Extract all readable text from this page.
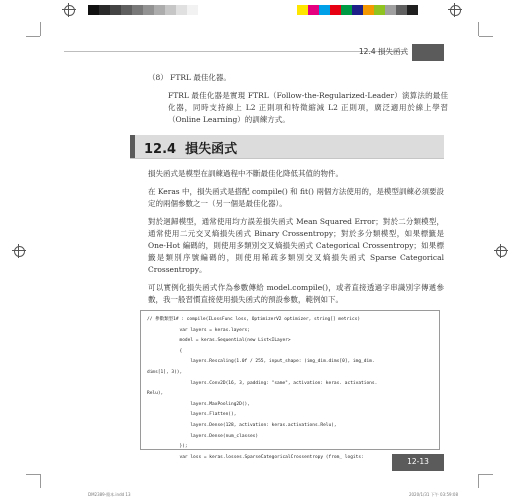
12.4 損失函式
（8） FTRL 最佳化器。
FTRL 最佳化器是實現 FTRL（Follow-the-Regularized-Leader）演算法的最佳化器，同時支持線上 L2 正則項和特徵縮減 L2 正則項，廣泛適用於線上學習（Online Learning）的訓練方式。
12.4 損失函式
損失函式是模型在訓練過程中不斷最佳化降低其值的物件。
在 Keras 中，損失函式是搭配 compile() 和 fit() 兩個方法使用的，是模型訓練必須要設定的兩個參數之一（另一個是最佳化器）。
對於迴歸模型，通常使用均方誤差損失函式 Mean Squared Error；對於二分類模型，通常使用二元交叉熵損失函式 Binary Crossentropy；對於多分類模型，如果標籤是 One-Hot 編碼的，則使用多類別交叉熵損失函式 Categorical Crossentropy；如果標籤是類別序號編碼的，則使用稀疏多類別交叉熵損失函式 Sparse Categorical Crossentropy。
可以實例化損失函式作為參數傳給 model.compile()，或者直接透過字串識別字傳遞參數，我一般習慣直接使用損失函式的預設參數，範例如下。
// 參數類型1# : compile(ILossFunc loss, OptimizerV2 optimizer, string[] metrics)
var layers = keras.layers;
model = keras.Sequential(new List<ILayer>
{
layers.Rescaling(1.0f / 255, input_shape: (img_dim.dims[0], img_dim.
dims[1], 3)),
layers.Conv2D(16, 3, padding: "same", activation: keras. activations.
Relu),
layers.MaxPooling2D(),
layers.Flatten(),
layers.Dense(128, activation: keras.activations.Relu),
layers.Dense(num_classes)
});
var loss = keras.losses.SparseCategoricalCrossentropy (from_ logits:	12-13
DM2389-簡本.indd 13	2020/1/31 下午 03:59:08
